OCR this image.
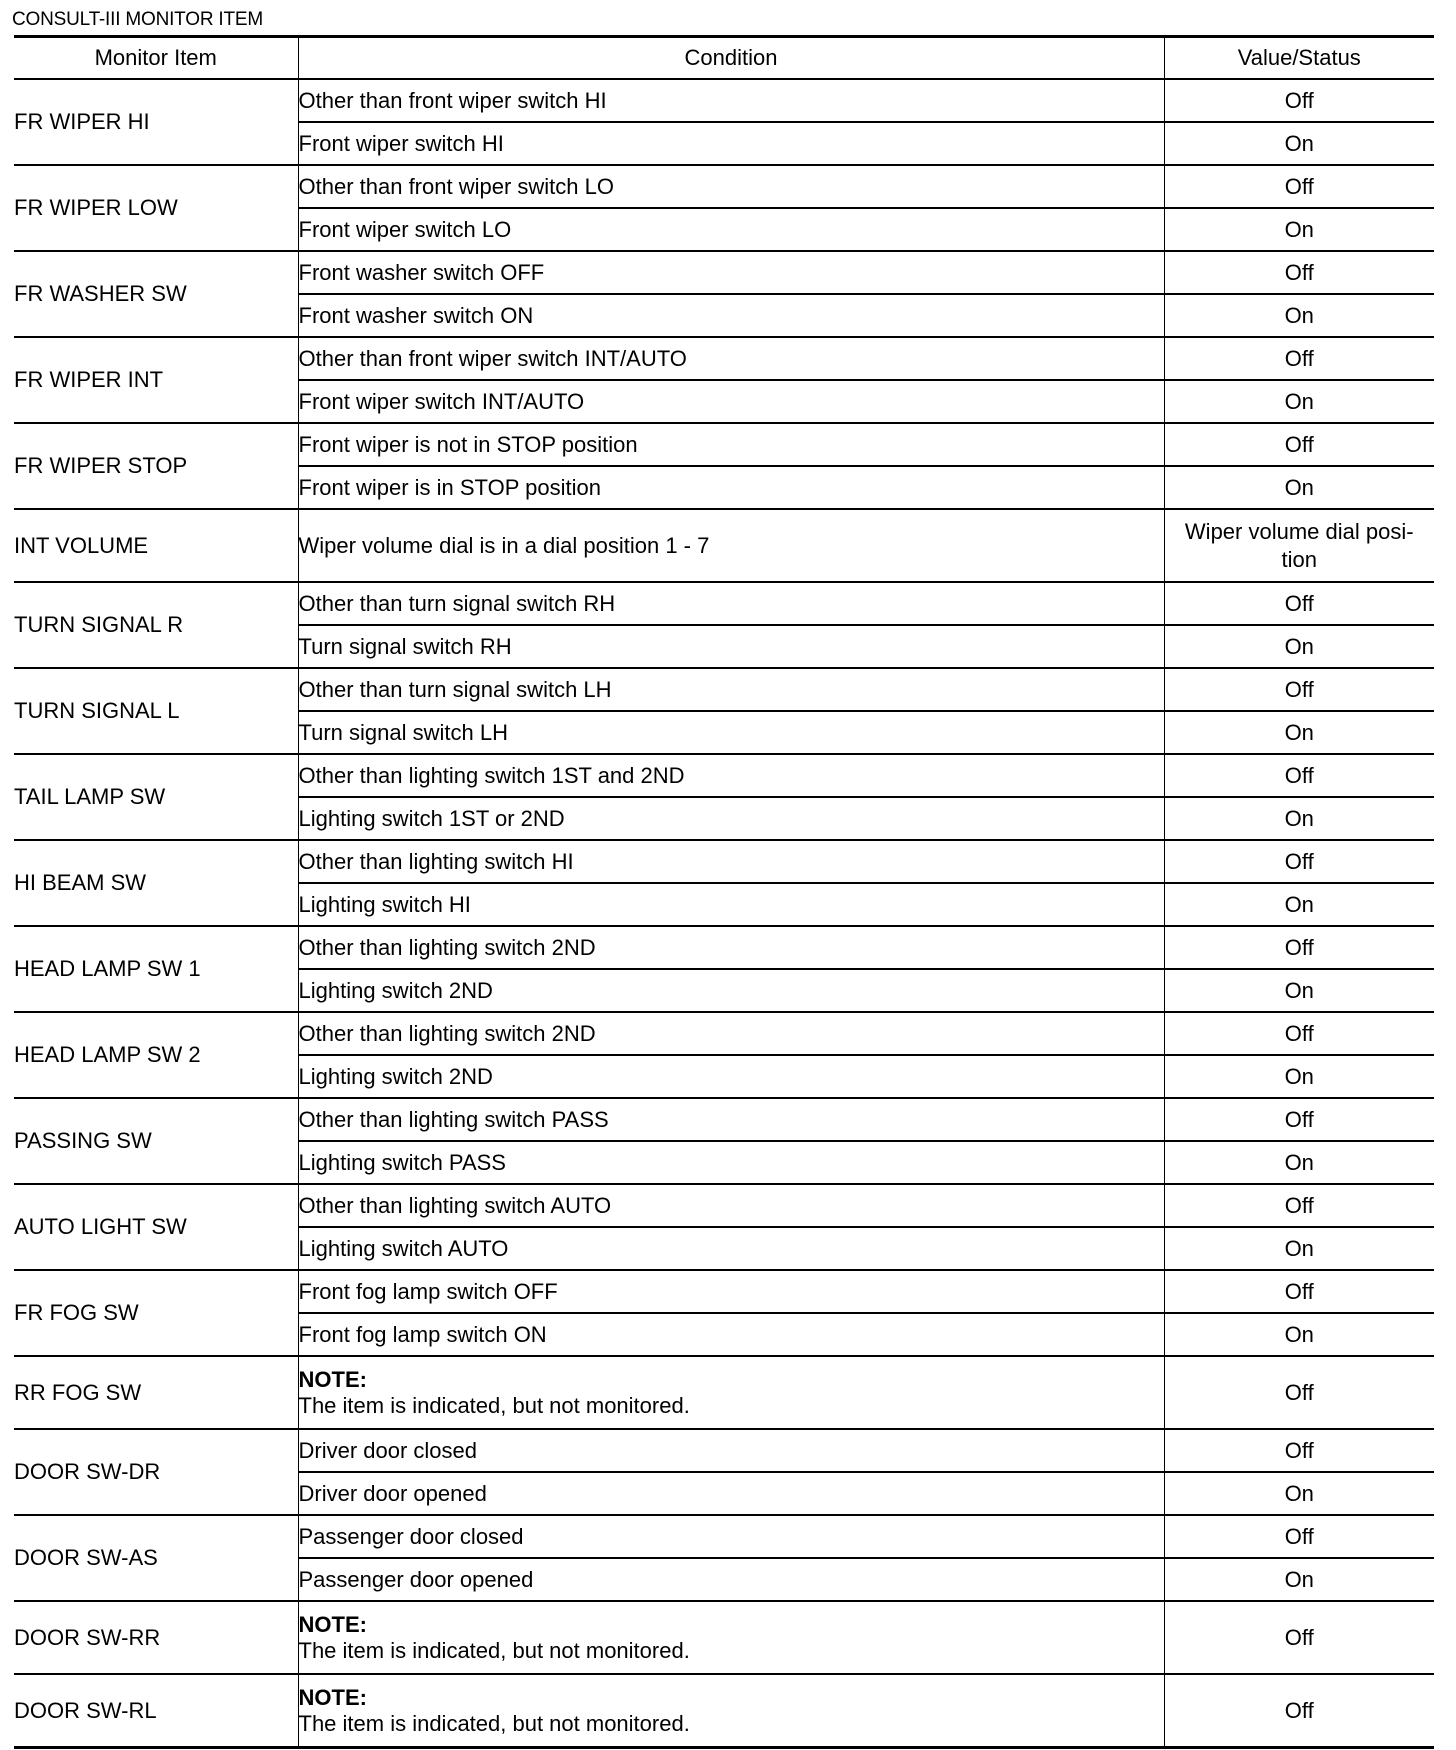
CONSULT-III MONITOR ITEM
Monitor Item	Condition	Value/Status
FR WIPER HI	Other than front wiper switch HI	Off
	Front wiper switch HI	On
FR WIPER LOW	Other than front wiper switch LO	Off
	Front wiper switch LO	On
FR WASHER SW	Front washer switch OFF	Off
	Front washer switch ON	On
FR WIPER INT	Other than front wiper switch INT/AUTO	Off
	Front wiper switch INT/AUTO	On
FR WIPER STOP	Front wiper is not in STOP position	Off
	Front wiper is in STOP position	On
INT VOLUME	Wiper volume dial is in a dial position 1 - 7	Wiper volume dial posi-tion
TURN SIGNAL R	Other than turn signal switch RH	Off
	Turn signal switch RH	On
TURN SIGNAL L	Other than turn signal switch LH	Off
	Turn signal switch LH	On
TAIL LAMP SW	Other than lighting switch 1ST and 2ND	Off
	Lighting switch 1ST or 2ND	On
HI BEAM SW	Other than lighting switch HI	Off
	Lighting switch HI	On
HEAD LAMP SW 1	Other than lighting switch 2ND	Off
	Lighting switch 2ND	On
HEAD LAMP SW 2	Other than lighting switch 2ND	Off
	Lighting switch 2ND	On
PASSING SW	Other than lighting switch PASS	Off
	Lighting switch PASS	On
AUTO LIGHT SW	Other than lighting switch AUTO	Off
	Lighting switch AUTO	On
FR FOG SW	Front fog lamp switch OFF	Off
	Front fog lamp switch ON	On
RR FOG SW	NOTE:
The item is indicated, but not monitored.	Off
DOOR SW-DR	Driver door closed	Off
	Driver door opened	On
DOOR SW-AS	Passenger door closed	Off
	Passenger door opened	On
DOOR SW-RR	NOTE:
The item is indicated, but not monitored.	Off
DOOR SW-RL	NOTE:
The item is indicated, but not monitored.	Off
